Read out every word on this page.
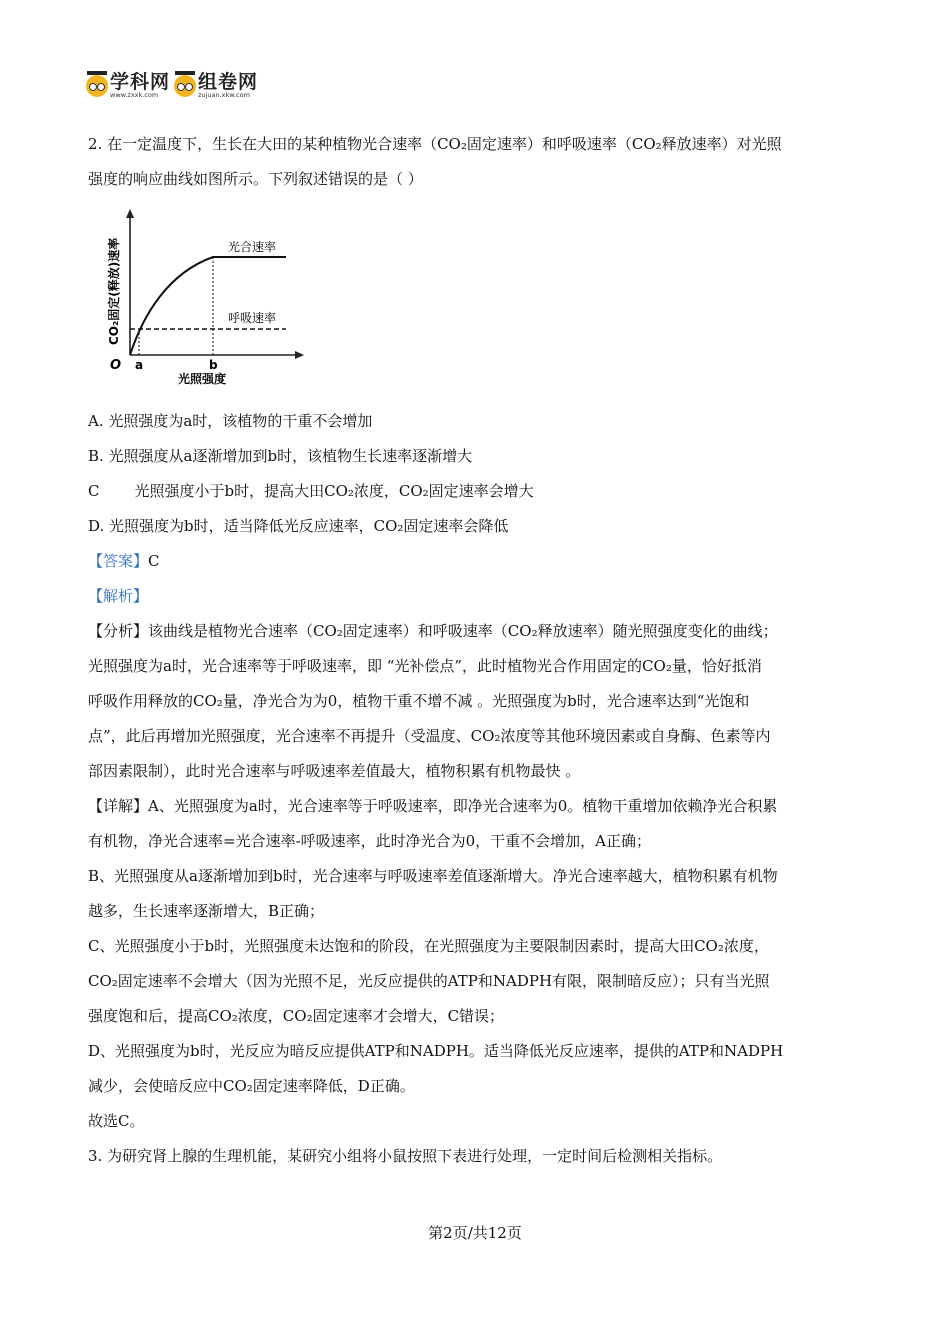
学科网
www.zxxk.com
组卷网
zujuan.xkw.com

2. 在一定温度下，生长在大田的某种植物光合速率（CO₂固定速率）和呼吸速率（CO₂释放速率）对光照

强度的响应曲线如图所示。下列叙述错误的是（ ）

光合速率
呼吸速率
O a	b
光照强度
CO₂固定(释放)速率

A. 光照强度为a时，该植物的干重不会增加

B. 光照强度从a逐渐增加到b时，该植物生长速率逐渐增大

C 光照强度小于b时，提高大田CO₂浓度，CO₂固定速率会增大

D. 光照强度为b时，适当降低光反应速率，CO₂固定速率会降低

【答案】C

【解析】

【分析】该曲线是植物光合速率（CO₂固定速率）和呼吸速率（CO₂释放速率）随光照强度变化的曲线；

光照强度为a时，光合速率等于呼吸速率，即 “光补偿点”，此时植物光合作用固定的CO₂量，恰好抵消

呼吸作用释放的CO₂量，净光合为为0，植物干重不增不减 。光照强度为b时，光合速率达到“光饱和

点”，此后再增加光照强度，光合速率不再提升（受温度、CO₂浓度等其他环境因素或自身酶、色素等内

部因素限制），此时光合速率与呼吸速率差值最大，植物积累有机物最快 。

【详解】A、光照强度为a时，光合速率等于呼吸速率，即净光合速率为0。植物干重增加依赖净光合积累

有机物，净光合速率=光合速率-呼吸速率，此时净光合为0，干重不会增加，A正确；

B、光照强度从a逐渐增加到b时，光合速率与呼吸速率差值逐渐增大。净光合速率越大，植物积累有机物

越多，生长速率逐渐增大，B正确；

C、光照强度小于b时，光照强度未达饱和的阶段，在光照强度为主要限制因素时，提高大田CO₂浓度，

CO₂固定速率不会增大（因为光照不足，光反应提供的ATP和NADPH有限，限制暗反应）；只有当光照

强度饱和后，提高CO₂浓度，CO₂固定速率才会增大，C错误；

D、光照强度为b时，光反应为暗反应提供ATP和NADPH。适当降低光反应速率，提供的ATP和NADPH

减少，会使暗反应中CO₂固定速率降低，D正确。

故选C。

3. 为研究肾上腺的生理机能，某研究小组将小鼠按照下表进行处理，一定时间后检测相关指标。

第2页/共12页
